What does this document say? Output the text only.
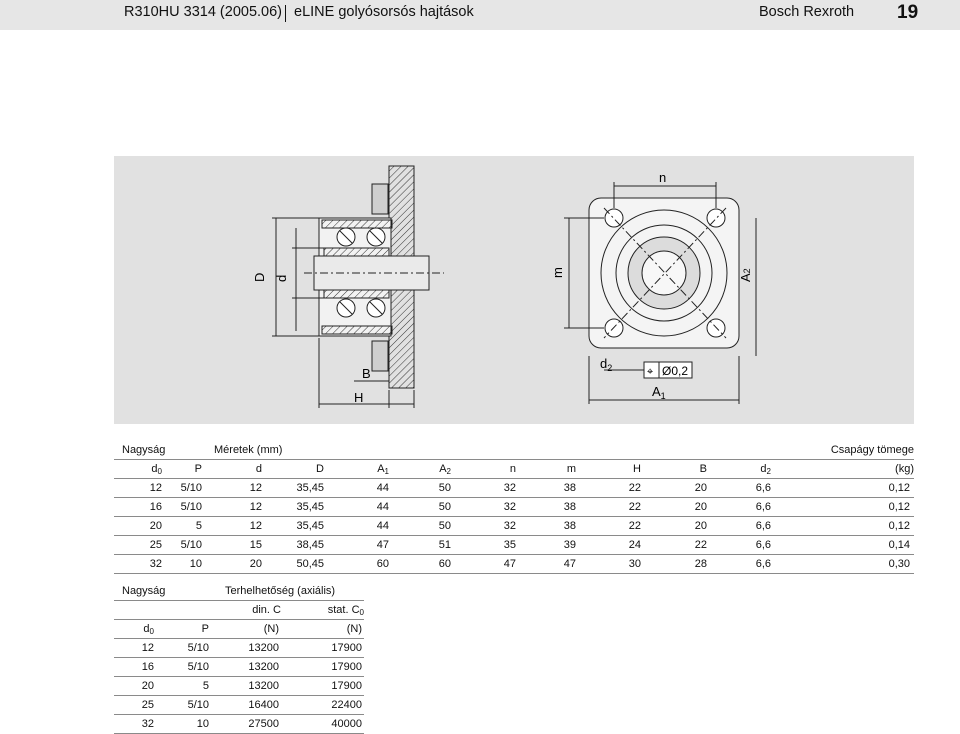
R310HU 3314 (2005.06) eLINE golyósorsós hajtások	Bosch Rexroth 19
D d
B
H
n
m	A2
$d_2$	⌖ Ø0,2
$A_1$
Nagyság		Méretek (mm)									Csapágy tömege
$d_0$	P	d	D	$A_1$	$A_2$	n	m	H	B	$d_2$	(kg)
12	5/10	12	35,45	44	50	32	38	22	20	6,6	0,12
16	5/10	12	35,45	44	50	32	38	22	20	6,6	0,12
20	5	12	35,45	44	50	32	38	22	20	6,6	0,12
25	5/10	15	38,45	47	51	35	39	24	22	6,6	0,14
32	10	20	50,45	60	60	47	47	30	28	6,6	0,30
Nagyság		Terhelhetőség (axiális)	
		din. C	stat. $C_0$
$d_0$	P	(N)	(N)
12	5/10	13200	17900
16	5/10	13200	17900
20	5	13200	17900
25	5/10	16400	22400
32	10	27500	40000
